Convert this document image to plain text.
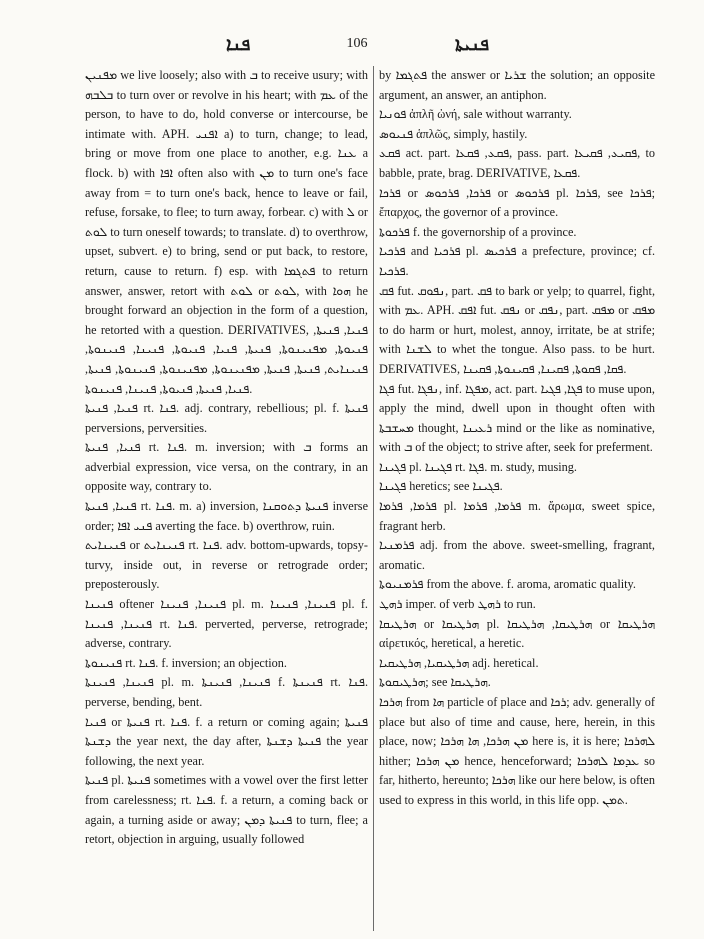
ܦܢܐ	106	ܦܢܝܬܐ

ܡܦܢܝܢ we live loosely; also with ܒ to receive usury; with ܒܠܒܗ to turn over or revolve in his heart; with ܥܡ of the person, to have to do, hold converse or intercourse, be intimate with. APH. ܐܦܢܝ a) to turn, change; to lead, bring or move from one place to another, e.g. ܥܢܐ a flock. b) with ܐܦܐ often also with ܡܢ to turn one's face away from = to turn one's back, hence to leave or fail, refuse, forsake, to flee; to turn away, forbear. c) with ܠ or ܠܘܬ to turn oneself towards; to translate. d) to overthrow, upset, subvert. e) to bring, send or put back, to restore, return, cause to return. f) esp. with ܦܬܓܡܐ to return answer, answer, retort with ܠܘܬ or ܠܘܬ, with ܗܘܐ he brought forward an objection in the form of a question, he retorted with a question. DERIVATIVES, ܦܢܝܐ, ܦܢܝܬܐ, ܦܢܝܘܬܐ, ܡܦܢܝܢܘܬܐ, ܦܢܝܬܐ, ܦܢܝܐ, ܦܢܝܘܬܐ, ܦܢܝܢܐ, ܦܢܝܢܘܬܐ, ܦܢܝܢܐܝܬ, ܦܢܝܬܐ, ܦܢܝܬܐ, ܡܦܢܝܢܘܬܐ, ܡܦܢܝܢܘܬܐ, ܦܢܝܢܘܬܐ, ܦܢܝܬܐ, ܦܢܝܐ, ܦܢܝܬܐ, ܦܢܝܘܬܐ, ܦܢܝܢܐ, ܦܢܝܢܘܬܐ.

ܦܢܝܐ, ܦܢܝܬܐ rt. ܦܢܐ. adj. contrary, rebellious; pl. f. ܦܢܝܬܐ perversions, perversities.

ܦܢܝܐ, ܦܢܝܬܐ rt. ܦܢܐ. m. inversion; with ܒ forms an adverbial expression, vice versa, on the contrary, in an opposite way, contrary to.

ܦܢܝܐ, ܦܢܝܬܐ rt. ܦܢܐ. m. a) inversion, ܦܢܝܬܐ ܕܬܘܩܢܐ inverse order; ܦܢܝ ܐܦܐ averting the face. b) overthrow, ruin.

ܦܢܝܢܐܝܬ or ܦܢܝܢܐܝܬ rt. ܦܢܐ. adv. bottom-upwards, topsy-turvy, inside out, in reverse or retrograde order; preposterously.

ܦܢܝܢܐ oftener ܦܢܝܢܐ, ܦܢܝܢܐ pl. m. ܦܢܝܢܐ, ܦܢܝܢܐ pl. f. ܦܢܝܢܐ, ܦܢܝܢܐ rt. ܦܢܐ. perverted, perverse, retrograde; adverse, contrary.

ܦܢܝܢܘܬܐ rt. ܦܢܐ. f. inversion; an objection.

ܦܢܝܢܐ, ܦܢܝܢܬܐ pl. m. ܦܢܝܢܐ, ܦܢܝܢܬܐ f. ܦܢܝܢܬܐ rt. ܦܢܐ. perverse, bending, bent.

ܦܢܝܐ or ܦܢܝܬܐ rt. ܦܢܐ. f. a return or coming again; ܦܢܝܬܐ ܕܫܢܬܐ the year next, the day after, ܦܢܝܬܐ ܕܫܢܬܐ the year following, the next year.

ܦܢܝܬܐ pl. ܦܢܝܬܐ sometimes with a vowel over the first letter from carelessness; rt. ܦܢܐ. f. a return, a coming back or again, a turning aside or away; ܦܢܝܬܐ ܕܡܢ to turn, flee; a retort, objection in arguing, usually followed

by ܦܬܓܡܐ the answer or ܫܪܝܐ the solution; an opposite argument, an answer, an antiphon.

ܦܘܢܝܐ ἀπλῆ ὠνή, sale without warranty.

ܦܢܝܘܣ ἁπλῶς, simply, hastily.

ܦܩܥ act. part. ܦܩܥ, ܦܩܥܐ, pass. part. ܦܩܝܥ, ܦܩܝܥܐ, to babble, prate, brag. DERIVATIVE, ܦܩܥܐ.

ܦܪܟܐ or ܦܪܟܐ, ܦܪܟܘܣ or ܦܪܟܘܣ pl. ܦܪܟܐ, see ܦܪܟܐ; ἔπαρχος, the governor of a province.

ܦܪܟܘܬܐ f. the governorship of a province.

ܦܪܟܝܐ and ܦܪܟܝܐ pl. ܦܪܟܝܣ a prefecture, province; cf. ܦܪܟܝܐ.

ܦܩ fut. ܢܦܘܩ, part. ܦܩ to bark or yelp; to quarrel, fight, with ܥܡ. APH. ܐܦܩ fut. ܢܦܩ or ܢܦܩ, part. ܡܦܩ or ܡܦܩ to do harm or hurt, molest, annoy, irritate, be at strife; with ܠܫܢܐ to whet the tongue. Also pass. to be hurt. DERIVATIVES, ܦܩܐ, ܦܩܘܬܐ, ܦܩܝܢܐ, ܦܩܝܢܘܬܐ, ܦܩܝܢܐ.

ܦܓܐ fut. ܢܦܓܐ, inf. ܡܦܓܐ, act. part. ܦܓܐ, ܦܓܝܐ to muse upon, apply the mind, dwell upon in thought often with ܡܚܫܒܬܐ thought, ܪܥܝܢܐ mind or the like as nominative, with ܒ of the object; to strive after, seek for preferment.

ܦܓܝܢܐ pl. ܦܓܝܢܐ rt. ܦܓܐ. m. study, musing.

ܦܓܝܢܐ heretics; see ܦܓܝܢܐ.

ܦܪܡܐ, ܦܪܡܐ pl. ܦܪܡܐ, ܦܪܡܐ m. ἄρωμα, sweet spice, fragrant herb.

ܦܪܡܢܝܐ adj. from the above. sweet-smelling, fragrant, aromatic.

ܦܪܡܢܝܘܬܐ from the above. f. aroma, aromatic quality.

ܪܗܛ imper. of verb ܪܗܛ to run.

ܗܪܛܝܩܐ or ܗܪܛܝܩܐ pl. ܗܪܛܝܩܐ, ܗܪܛܝܩܐ or ܗܪܛܝܩܐ αἱρετικός, heretical, a heretic.

ܗܪܛܝܩܝܐ, ܗܪܛܝܩܝܐ adj. heretical.

ܗܪܛܝܩܘܬܐ; see ܗܪܛܝܩܐ.

ܗܪܟܐ from ܗܐ particle of place and ܪܟܐ; adv. generally of place but also of time and cause, here, herein, in this place, now; ܡܢ ܗܪܟܐ, ܗܐ ܗܪܟܐ here is, it is here; ܠܗܪܟܐ hither; ܡܢ ܗܪܟܐ hence, henceforward; ܥܕܡܐ ܠܗܪܟܐ so far, hitherto, hereunto; ܗܪܟܐ like our here below, is often used to express in this world, in this life opp. ܬܡܢ.
